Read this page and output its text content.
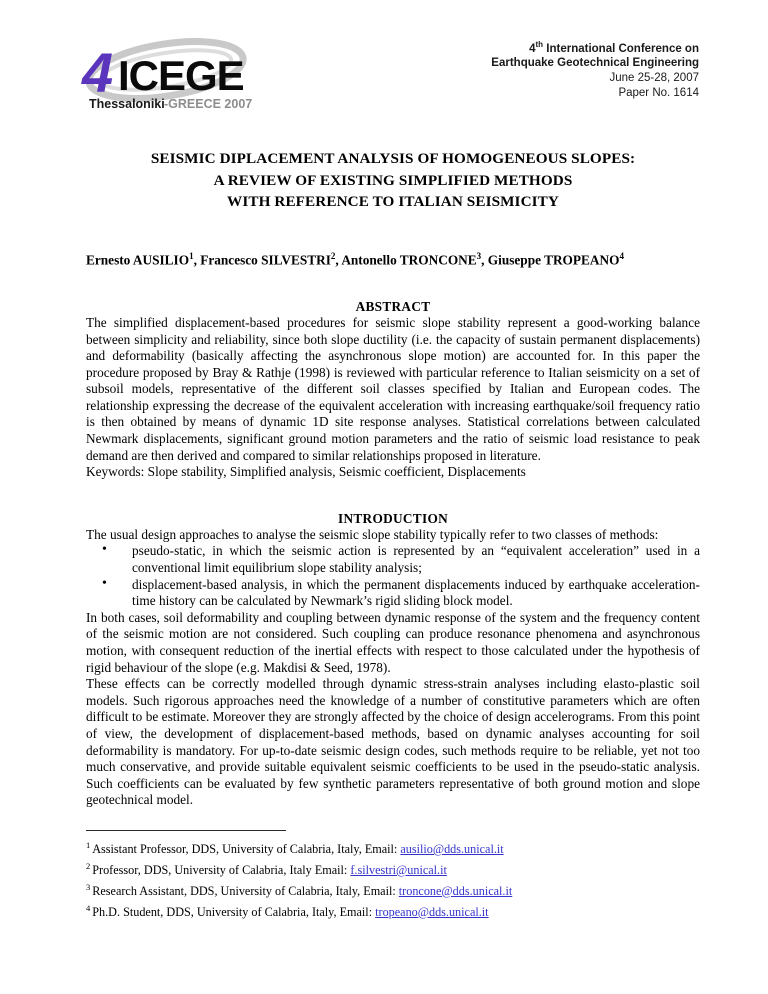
4 ICEGE
Thessaloniki -GREECE 2007
4th International Conference on
Earthquake Geotechnical Engineering
June 25-28, 2007
Paper No. 1614
SEISMIC DIPLACEMENT ANALYSIS OF HOMOGENEOUS SLOPES:
A REVIEW OF EXISTING SIMPLIFIED METHODS
WITH REFERENCE TO ITALIAN SEISMICITY
Ernesto AUSILIO$^1$, Francesco SILVESTRI$^2$, Antonello TRONCONE$^3$, Giuseppe TROPEANO$^4$
ABSTRACT

The simplified displacement-based procedures for seismic slope stability represent a good-working balance between simplicity and reliability, since both slope ductility (i.e. the capacity of sustain permanent displacements) and deformability (basically affecting the asynchronous slope motion) are accounted for. In this paper the procedure proposed by Bray & Rathje (1998) is reviewed with particular reference to Italian seismicity on a set of subsoil models, representative of the different soil classes specified by Italian and European codes. The relationship expressing the decrease of the equivalent acceleration with increasing earthquake/soil frequency ratio is then obtained by means of dynamic 1D site response analyses. Statistical correlations between calculated Newmark displacements, significant ground motion parameters and the ratio of seismic load resistance to peak demand are then derived and compared to similar relationships proposed in literature.

Keywords: Slope stability, Simplified analysis, Seismic coefficient, Displacements

INTRODUCTION

The usual design approaches to analyse the seismic slope stability typically refer to two classes of methods:

• pseudo-static, in which the seismic action is represented by an “equivalent acceleration” used in a conventional limit equilibrium slope stability analysis;
• displacement-based analysis, in which the permanent displacements induced by earthquake acceleration-time history can be calculated by Newmark’s rigid sliding block model.

In both cases, soil deformability and coupling between dynamic response of the system and the frequency content of the seismic motion are not considered. Such coupling can produce resonance phenomena and asynchronous motion, with consequent reduction of the inertial effects with respect to those calculated under the hypothesis of rigid behaviour of the slope (e.g. Makdisi & Seed, 1978).

These effects can be correctly modelled through dynamic stress-strain analyses including elasto-plastic soil models. Such rigorous approaches need the knowledge of a number of constitutive parameters which are often difficult to be estimate. Moreover they are strongly affected by the choice of design accelerograms. From this point of view, the development of displacement-based methods, based on dynamic analyses accounting for soil deformability is mandatory. For up-to-date seismic design codes, such methods require to be reliable, yet not too much conservative, and provide suitable equivalent seismic coefficients to be used in the pseudo-static analysis. Such coefficients can be evaluated by few synthetic parameters representative of both ground motion and slope geotechnical model.

$^1$ Assistant Professor, DDS, University of Calabria, Italy, Email: ausilio@dds.unical.it
$^2$ Professor, DDS, University of Calabria, Italy Email: f.silvestri@unical.it
$^3$ Research Assistant, DDS, University of Calabria, Italy, Email: troncone@dds.unical.it
$^4$ Ph.D. Student, DDS, University of Calabria, Italy, Email: tropeano@dds.unical.it
